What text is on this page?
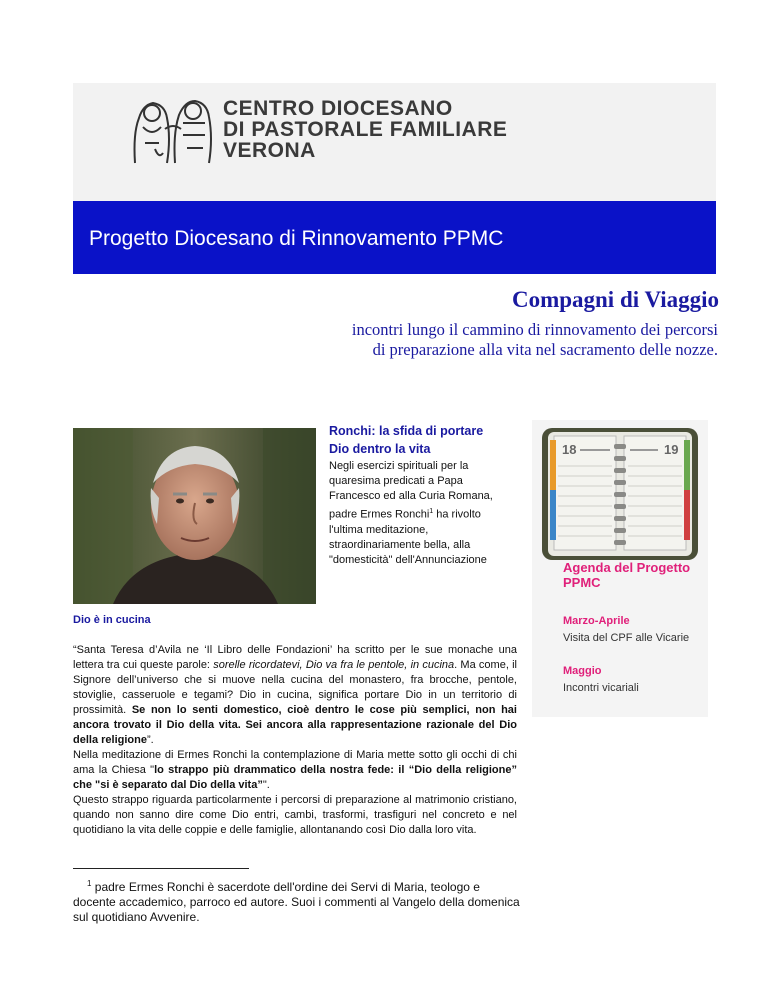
CENTRO DIOCESANO
DI PASTORALE FAMILIARE
VERONA
Progetto Diocesano di Rinnovamento PPMC
Compagni di Viaggio
incontri lungo il cammino di rinnovamento dei percorsi
di preparazione alla vita nel sacramento delle nozze.
Ronchi: la sfida di portare
Dio dentro la vita
Negli esercizi spirituali per la quaresima predicati a Papa Francesco ed alla Curia Romana, padre Ermes Ronchi$^1$ ha rivolto l'ultima meditazione, straordinariamente bella, alla "domesticità" dell'Annunciazione
Dio è in cucina

“Santa Teresa d’Avila ne ‘Il Libro delle Fondazioni’ ha scritto per le sue monache una lettera tra cui queste parole: sorelle ricordatevi, Dio va fra le pentole, in cucina. Ma come, il Signore dell’universo che si muove nella cucina del monastero, fra brocche, pentole, stoviglie, casseruole e tegami? Dio in cucina, significa portare Dio in un territorio di prossimità. Se non lo senti domestico, cioè dentro le cose più semplici, non hai ancora trovato il Dio della vita. Sei ancora alla rappresentazione razionale del Dio della religione”.

Nella meditazione di Ermes Ronchi la contemplazione di Maria mette sotto gli occhi di chi ama la Chiesa "lo strappo più drammatico della nostra fede: il “Dio della religione” che "si è separato dal Dio della vita”".

Questo strappo riguarda particolarmente i percorsi di preparazione al matrimonio cristiano, quando non sanno dire come Dio entri, cambi, trasformi, trasfiguri nel concreto e nel quotidiano la vita delle coppie e delle famiglie, allontanando così Dio dalla loro vita.

$^1$ padre Ermes Ronchi è sacerdote dell'ordine dei Servi di Maria, teologo e docente accademico, parroco ed autore. Suoi i commenti al Vangelo della domenica sul quotidiano Avvenire.
18	19
Agenda del Progetto
PPMC
Marzo-Aprile
Visita del CPF alle Vicarie
Maggio
Incontri vicariali
